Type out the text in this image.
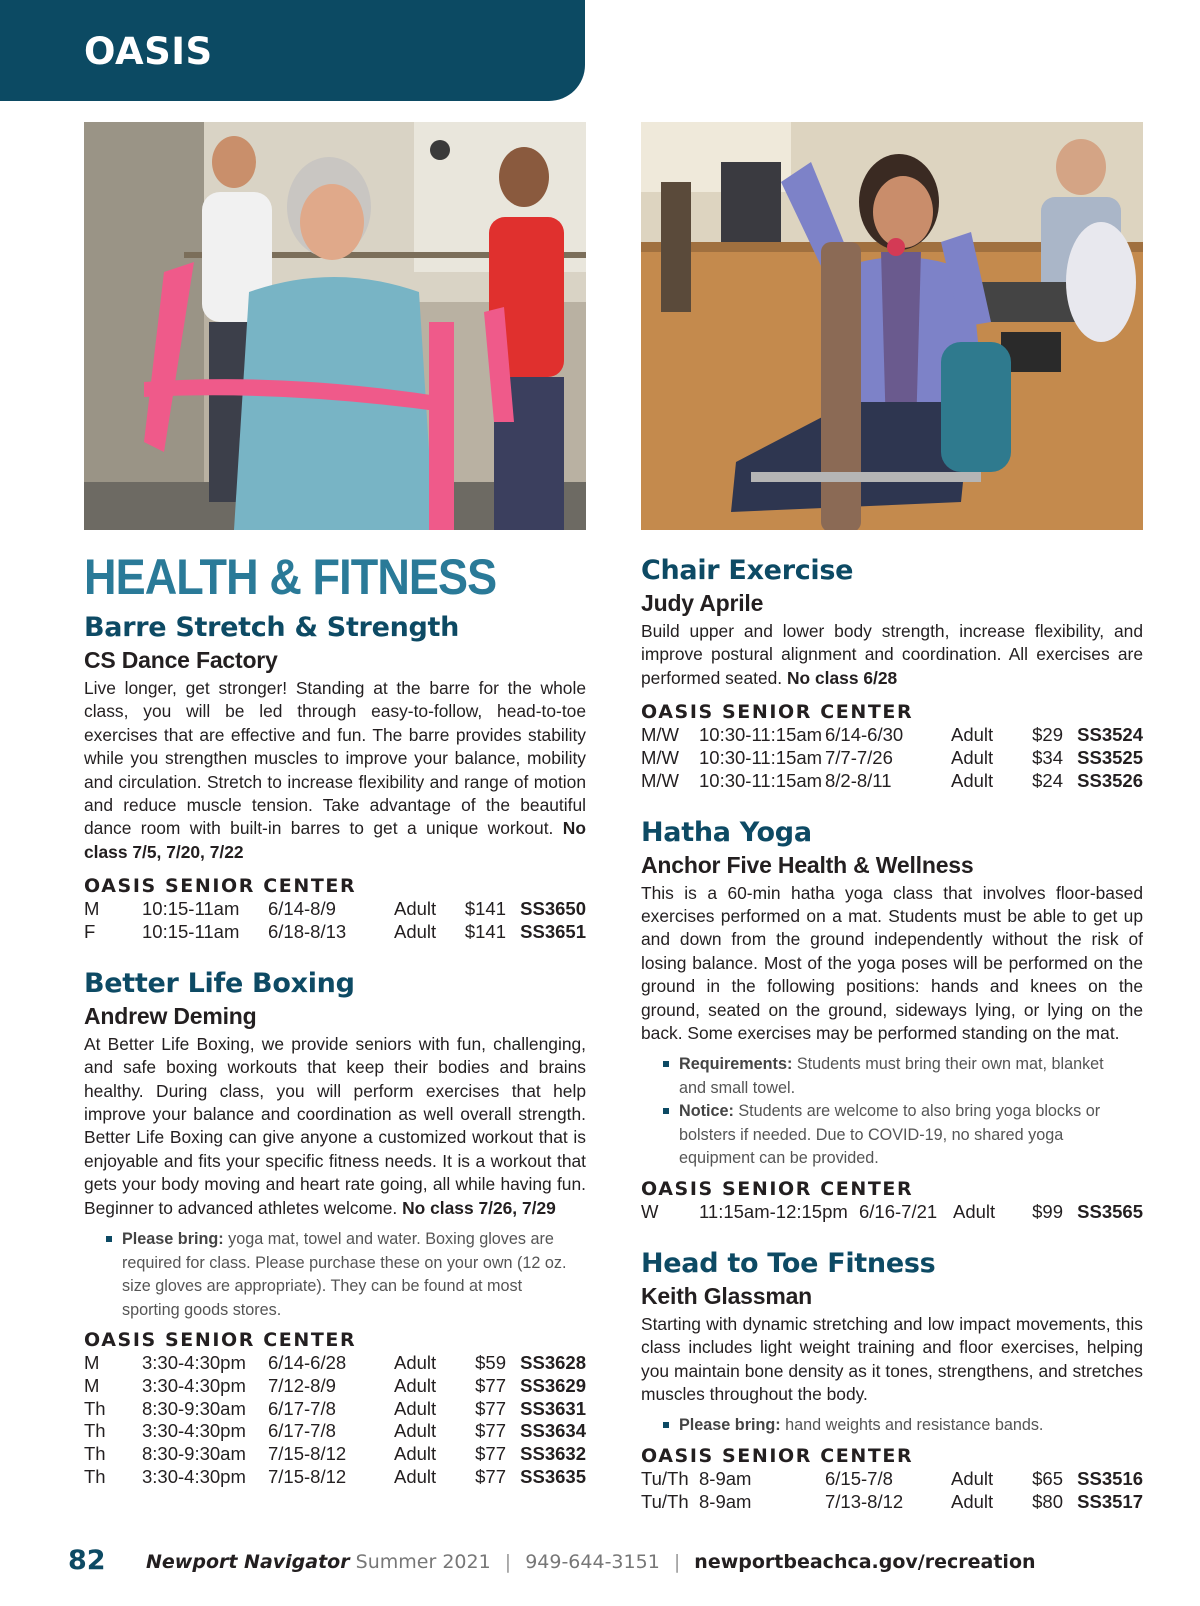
OASIS
HEALTH & FITNESS
Barre Stretch & Strength
CS Dance Factory

Live longer, get stronger! Standing at the barre for the whole class, you will be led through easy-to-follow, head-to-toe exercises that are effective and fun. The barre provides stability while you strengthen muscles to improve your balance, mobility and circulation. Stretch to increase flexibility and range of motion and reduce muscle tension. Take advantage of the beautiful dance room with built-in barres to get a unique workout. No class 7/5, 7/20, 7/22

OASIS SENIOR CENTER
M	10:15-11am	6/14-8/9	Adult	$141	SS3650
F	10:15-11am	6/18-8/13	Adult	$141	SS3651
Better Life Boxing
Andrew Deming

At Better Life Boxing, we provide seniors with fun, challenging, and safe boxing workouts that keep their bodies and brains healthy. During class, you will perform exercises that help improve your balance and coordination as well overall strength. Better Life Boxing can give anyone a customized workout that is enjoyable and fits your specific fitness needs. It is a workout that gets your body moving and heart rate going, all while having fun. Beginner to advanced athletes welcome. No class 7/26, 7/29

Please bring: yoga mat, towel and water. Boxing gloves are required for class. Please purchase these on your own (12 oz. size gloves are appropriate). They can be found at most sporting goods stores.
OASIS SENIOR CENTER
M	3:30-4:30pm	6/14-6/28	Adult	$59	SS3628
M	3:30-4:30pm	7/12-8/9	Adult	$77	SS3629
Th	8:30-9:30am	6/17-7/8	Adult	$77	SS3631
Th	3:30-4:30pm	6/17-7/8	Adult	$77	SS3634
Th	8:30-9:30am	7/15-8/12	Adult	$77	SS3632
Th	3:30-4:30pm	7/15-8/12	Adult	$77	SS3635
Chair Exercise
Judy Aprile

Build upper and lower body strength, increase flexibility, and improve postural alignment and coordination. All exercises are performed seated. No class 6/28

OASIS SENIOR CENTER
M/W	10:30-11:15am	6/14-6/30	Adult	$29	SS3524
M/W	10:30-11:15am	7/7-7/26	Adult	$34	SS3525
M/W	10:30-11:15am	8/2-8/11	Adult	$24	SS3526
Hatha Yoga
Anchor Five Health & Wellness

This is a 60-min hatha yoga class that involves floor-based exercises performed on a mat. Students must be able to get up and down from the ground independently without the risk of losing balance. Most of the yoga poses will be performed on the ground in the following positions: hands and knees on the ground, seated on the ground, sideways lying, or lying on the back. Some exercises may be performed standing on the mat.

Requirements: Students must bring their own mat, blanket and small towel.
Notice: Students are welcome to also bring yoga blocks or bolsters if needed. Due to COVID-19, no shared yoga equipment can be provided.
OASIS SENIOR CENTER
W	11:15am-12:15pm	6/16-7/21	Adult	$99	SS3565
Head to Toe Fitness
Keith Glassman

Starting with dynamic stretching and low impact movements, this class includes light weight training and floor exercises, helping you maintain bone density as it tones, strengthens, and stretches muscles throughout the body.

Please bring: hand weights and resistance bands.
OASIS SENIOR CENTER
Tu/Th	8-9am	6/15-7/8	Adult	$65	SS3516
Tu/Th	8-9am	7/13-8/12	Adult	$80	SS3517
82 Newport Navigator Summer 2021 | 949-644-3151 | newportbeachca.gov/recreation
